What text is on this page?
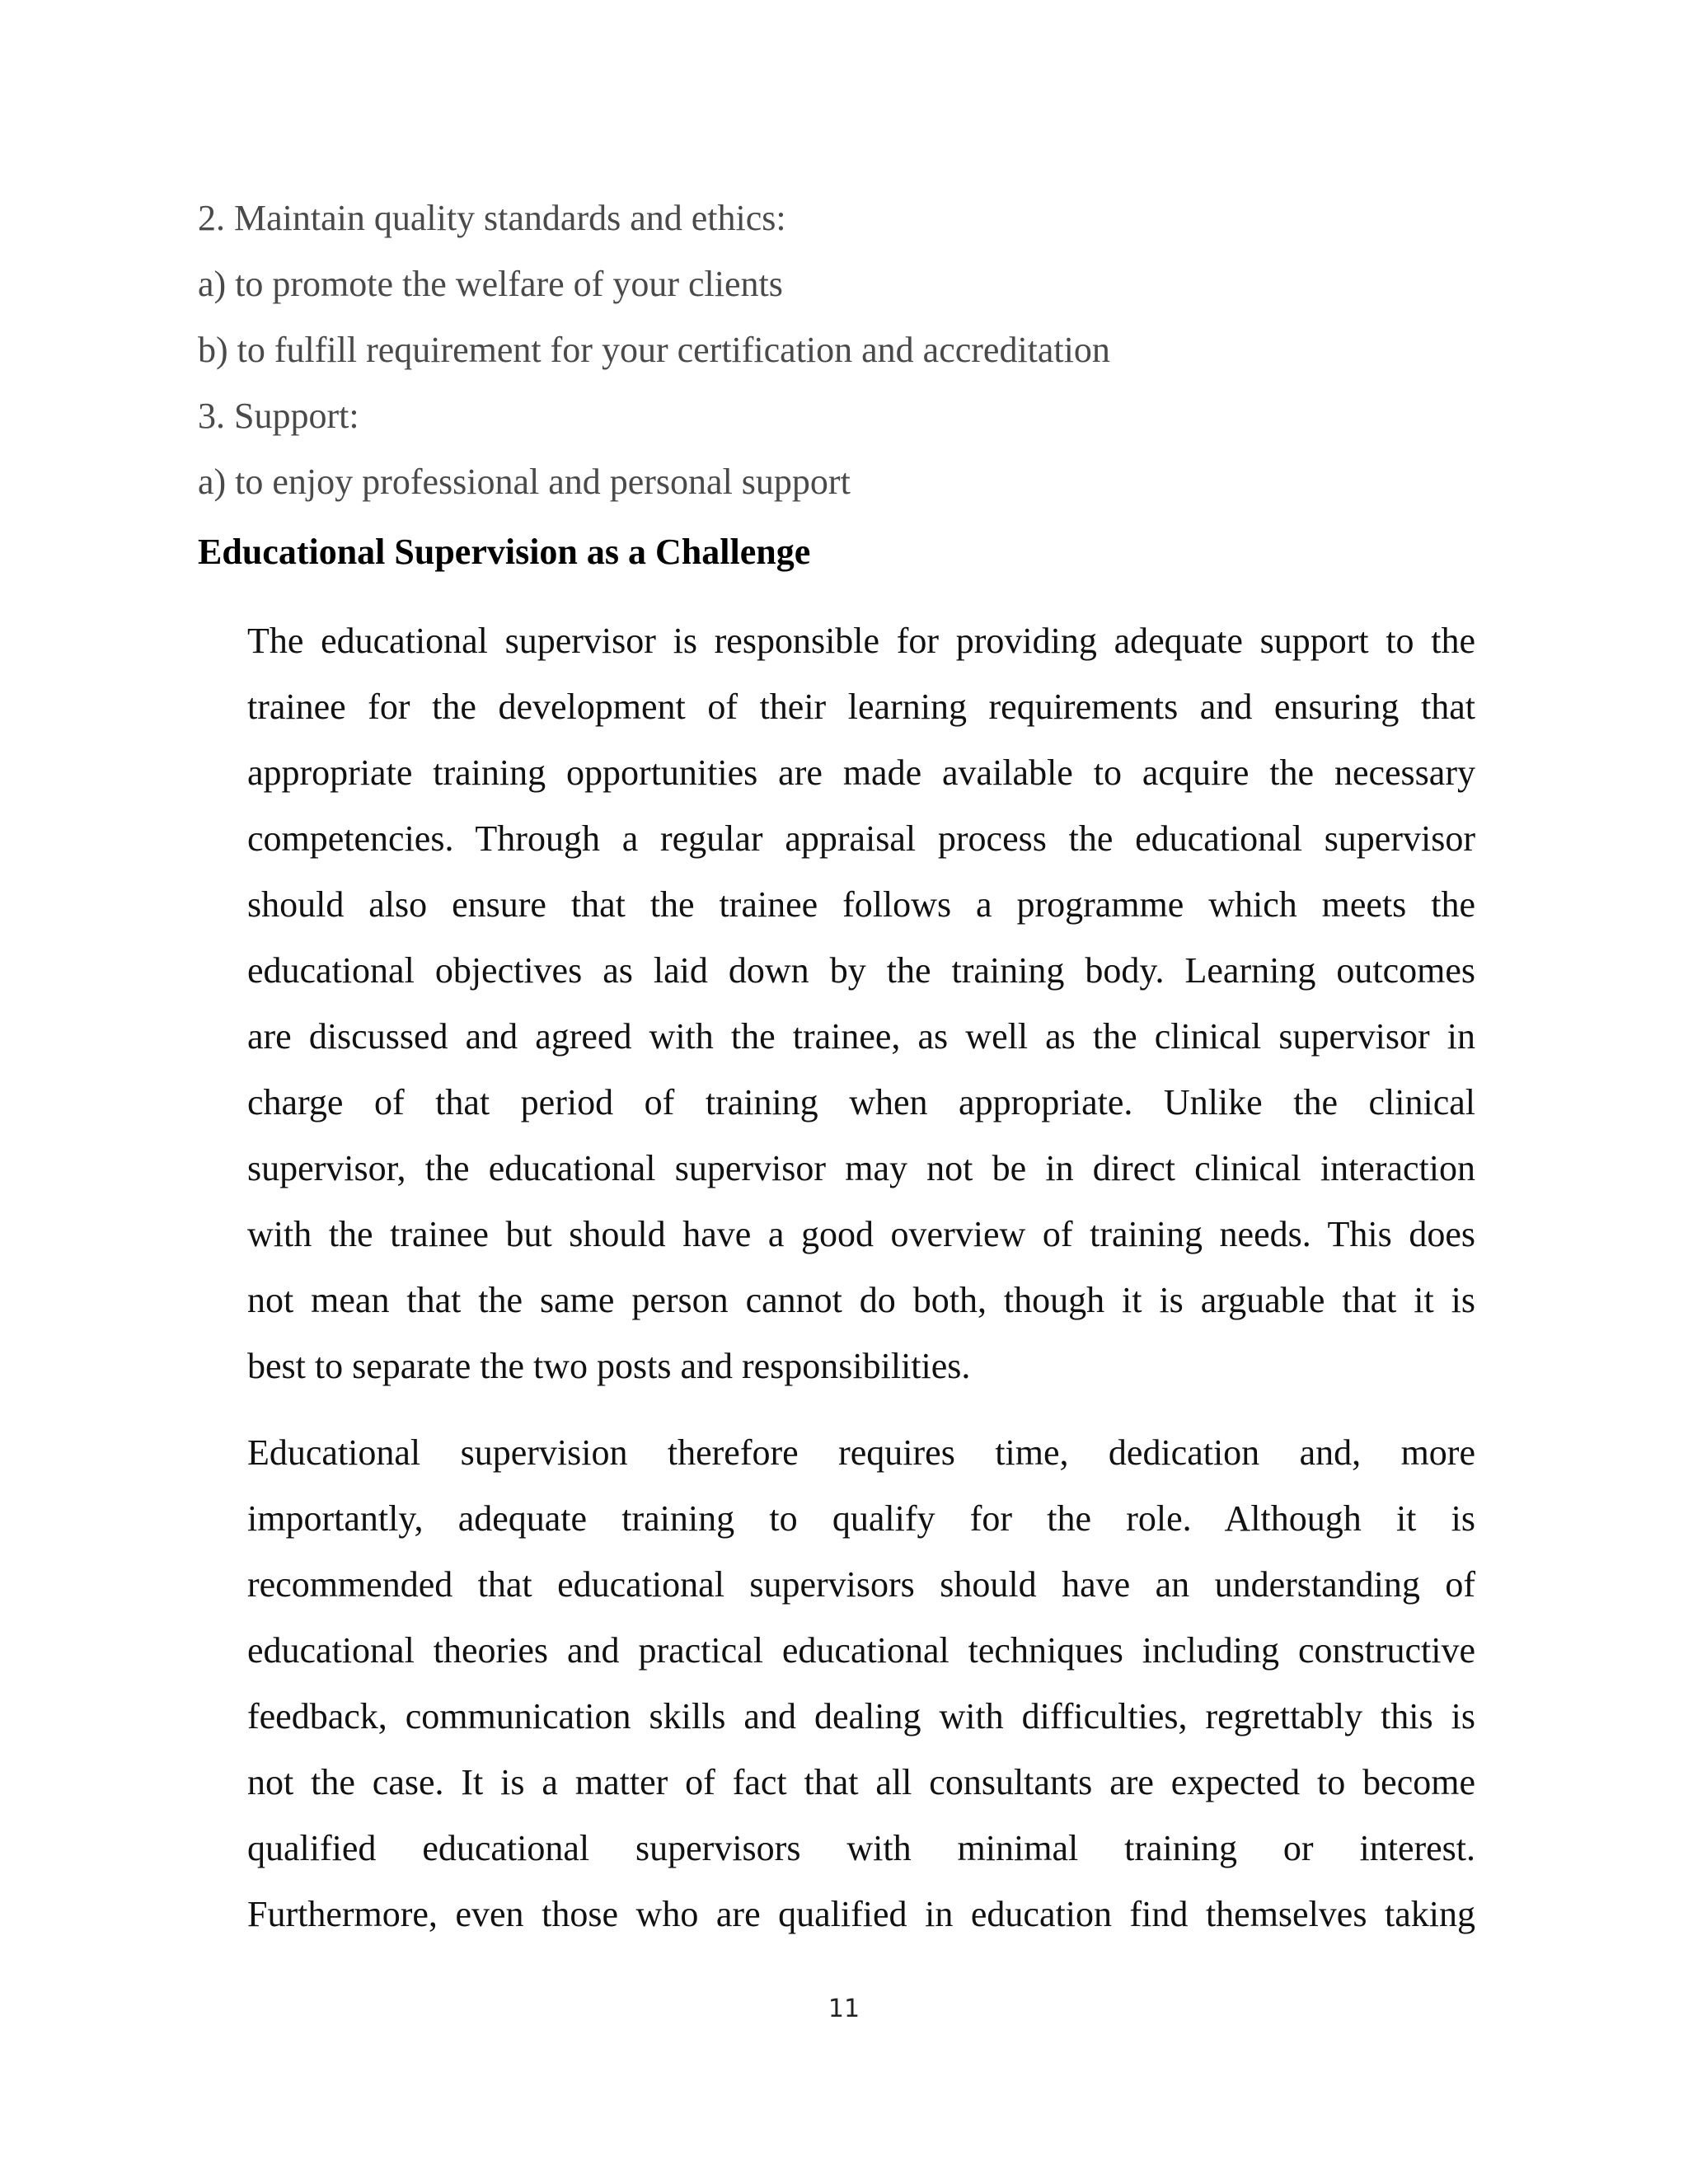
2. Maintain quality standards and ethics:
a) to promote the welfare of your clients
b) to fulfill requirement for your certification and accreditation
3. Support:
a) to enjoy professional and personal support
Educational Supervision as a Challenge
The educational supervisor is responsible for providing adequate support to the
trainee for the development of their learning requirements and ensuring that
appropriate training opportunities are made available to acquire the necessary
competencies. Through a regular appraisal process the educational supervisor
should also ensure that the trainee follows a programme which meets the
educational objectives as laid down by the training body. Learning outcomes
are discussed and agreed with the trainee, as well as the clinical supervisor in
charge of that period of training when appropriate. Unlike the clinical
supervisor, the educational supervisor may not be in direct clinical interaction
with the trainee but should have a good overview of training needs. This does
not mean that the same person cannot do both, though it is arguable that it is
best to separate the two posts and responsibilities.
Educational supervision therefore requires time, dedication and, more
importantly, adequate training to qualify for the role. Although it is
recommended that educational supervisors should have an understanding of
educational theories and practical educational techniques including constructive
feedback, communication skills and dealing with difficulties, regrettably this is
not the case. It is a matter of fact that all consultants are expected to become
qualified educational supervisors with minimal training or interest.
Furthermore, even those who are qualified in education find themselves taking
11
